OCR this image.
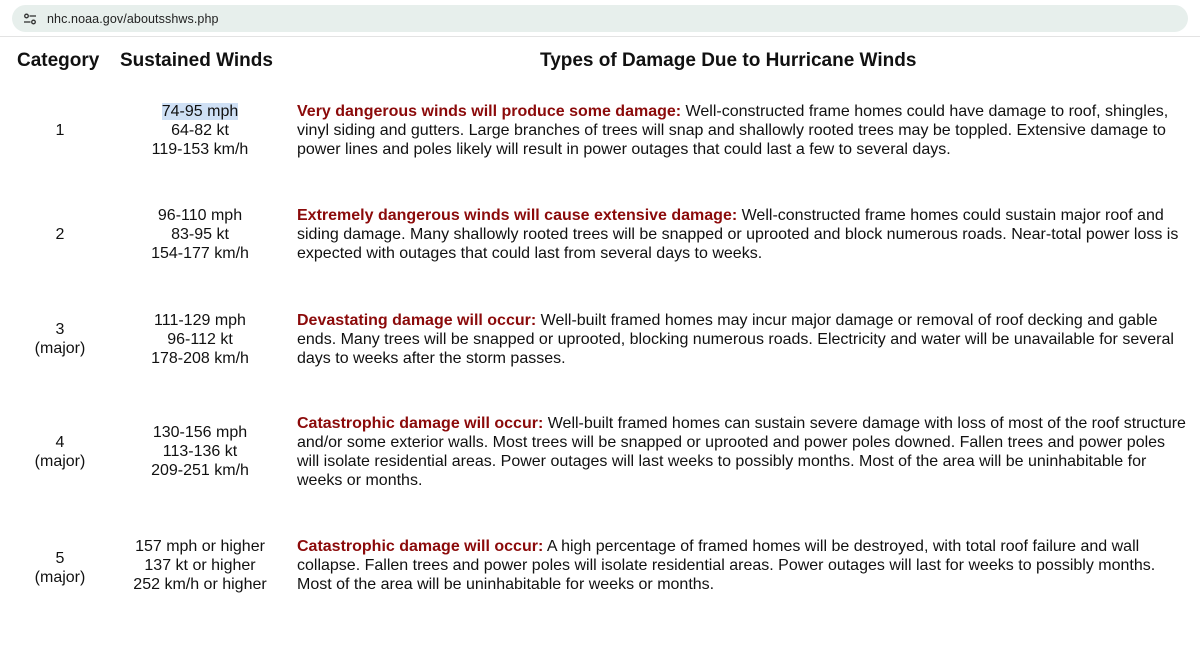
nhc.noaa.gov/aboutsshws.php
Category Sustained Winds	Types of Damage Due to Hurricane Winds
1
74-95 mph
64-82 kt
119-153 km/h
Very dangerous winds will produce some damage: Well-constructed frame homes could have damage to roof, shingles, vinyl siding and gutters. Large branches of trees will snap and shallowly rooted trees may be toppled. Extensive damage to power lines and poles likely will result in power outages that could last a few to several days.
2
96-110 mph
83-95 kt
154-177 km/h
Extremely dangerous winds will cause extensive damage: Well-constructed frame homes could sustain major roof and siding damage. Many shallowly rooted trees will be snapped or uprooted and block numerous roads. Near-total power loss is expected with outages that could last from several days to weeks.
3
(major)
111-129 mph
96-112 kt
178-208 km/h
Devastating damage will occur: Well-built framed homes may incur major damage or removal of roof decking and gable ends. Many trees will be snapped or uprooted, blocking numerous roads. Electricity and water will be unavailable for several days to weeks after the storm passes.
4
(major)
130-156 mph
113-136 kt
209-251 km/h
Catastrophic damage will occur: Well-built framed homes can sustain severe damage with loss of most of the roof structure and/or some exterior walls. Most trees will be snapped or uprooted and power poles downed. Fallen trees and power poles will isolate residential areas. Power outages will last weeks to possibly months. Most of the area will be uninhabitable for weeks or months.
5
(major)
157 mph or higher
137 kt or higher
252 km/h or higher
Catastrophic damage will occur: A high percentage of framed homes will be destroyed, with total roof failure and wall collapse. Fallen trees and power poles will isolate residential areas. Power outages will last for weeks to possibly months. Most of the area will be uninhabitable for weeks or months.
